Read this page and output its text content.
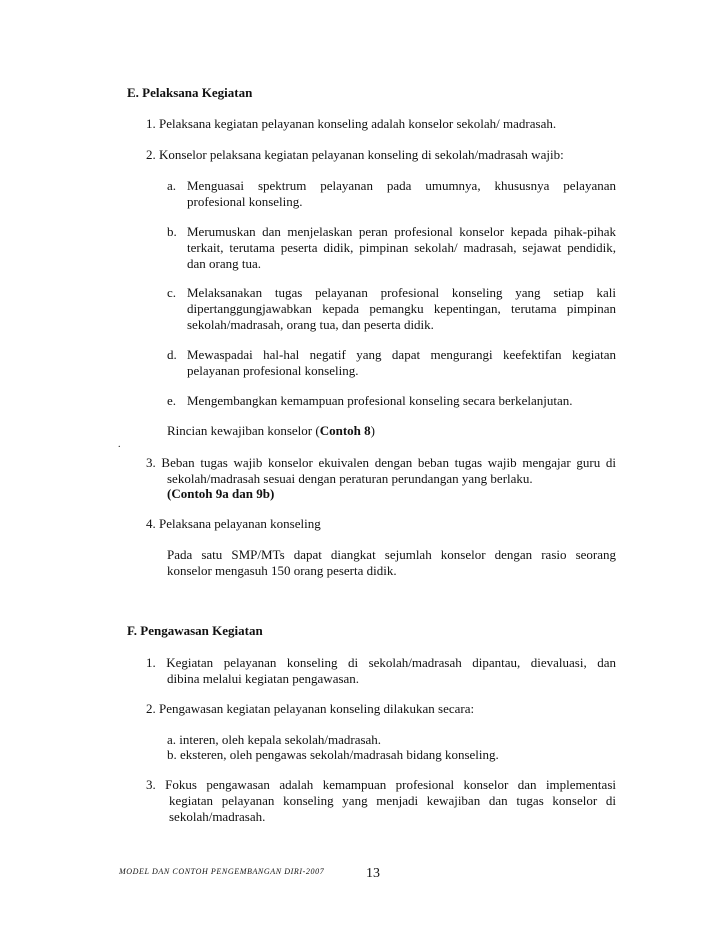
E. Pelaksana Kegiatan
1. Pelaksana kegiatan pelayanan konseling adalah konselor sekolah/ madrasah.
2. Konselor pelaksana kegiatan pelayanan konseling di sekolah/madrasah wajib:
a. Menguasai spektrum pelayanan pada umumnya, khususnya pelayanan
profesional konseling.
b. Merumuskan dan menjelaskan peran profesional konselor kepada pihak-pihak
terkait, terutama peserta didik, pimpinan sekolah/ madrasah, sejawat pendidik,
dan orang tua.
c. Melaksanakan tugas pelayanan profesional konseling yang setiap kali
dipertanggungjawabkan kepada pemangku kepentingan, terutama pimpinan
sekolah/madrasah, orang tua, dan peserta didik.
d. Mewaspadai hal-hal negatif yang dapat mengurangi keefektifan kegiatan
pelayanan profesional konseling.
e. Mengembangkan kemampuan profesional konseling secara berkelanjutan.
Rincian kewajiban konselor (Contoh 8)
.
3. Beban tugas wajib konselor ekuivalen dengan beban tugas wajib mengajar guru di
sekolah/madrasah sesuai dengan peraturan perundangan yang berlaku.
(Contoh 9a dan 9b)
4. Pelaksana pelayanan konseling
Pada satu SMP/MTs dapat diangkat sejumlah konselor dengan rasio seorang
konselor mengasuh 150 orang peserta didik.
F. Pengawasan Kegiatan
1. Kegiatan pelayanan konseling di sekolah/madrasah dipantau, dievaluasi, dan
dibina melalui kegiatan pengawasan.
2. Pengawasan kegiatan pelayanan konseling dilakukan secara:
a. interen, oleh kepala sekolah/madrasah.
b. eksteren, oleh pengawas sekolah/madrasah bidang konseling.
3. Fokus pengawasan adalah kemampuan profesional konselor dan implementasi
kegiatan pelayanan konseling yang menjadi kewajiban dan tugas konselor di
sekolah/madrasah.
MODEL DAN CONTOH PENGEMBANGAN DIRI-2007	13
